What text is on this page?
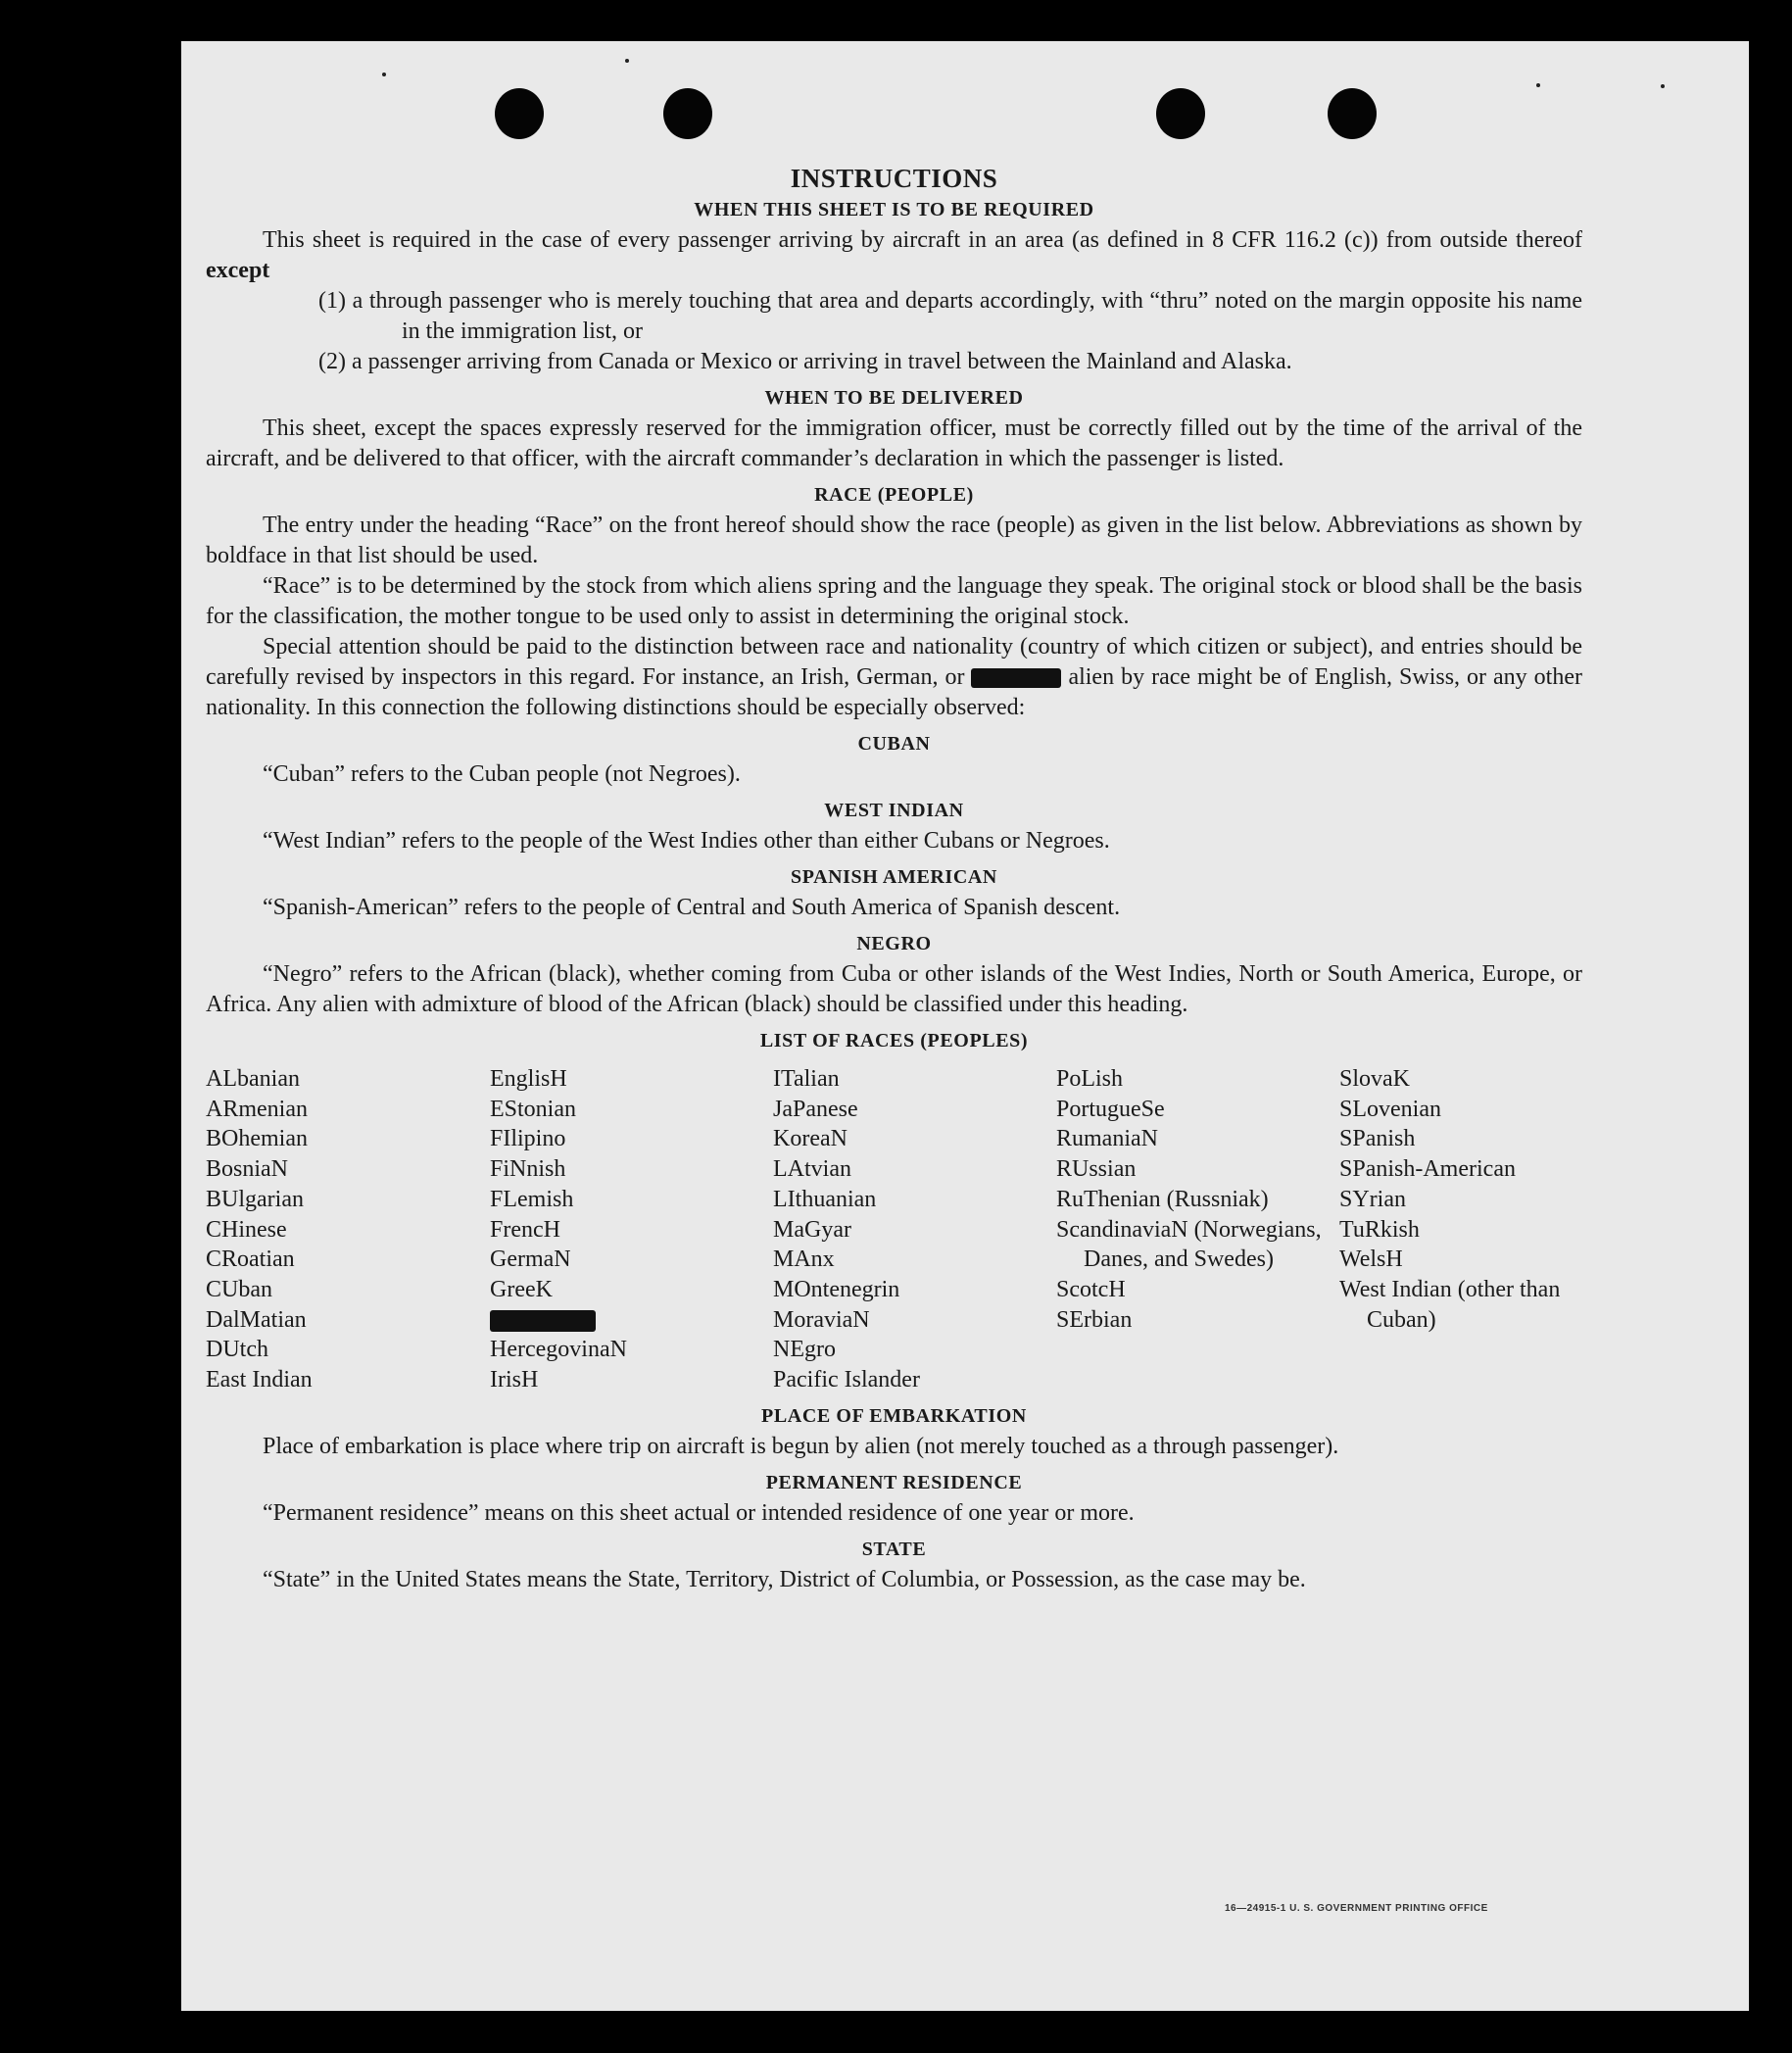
INSTRUCTIONS
WHEN THIS SHEET IS TO BE REQUIRED

This sheet is required in the case of every passenger arriving by aircraft in an area (as defined in 8 CFR 116.2 (c)) from outside thereof except

(1) a through passenger who is merely touching that area and departs accordingly, with “thru” noted on the margin opposite his name in the immigration list, or

(2) a passenger arriving from Canada or Mexico or arriving in travel between the Mainland and Alaska.

WHEN TO BE DELIVERED

This sheet, except the spaces expressly reserved for the immigration officer, must be correctly filled out by the time of the arrival of the aircraft, and be delivered to that officer, with the aircraft commander’s declaration in which the passenger is listed.

RACE (PEOPLE)

The entry under the heading “Race” on the front hereof should show the race (people) as given in the list below. Abbreviations as shown by boldface in that list should be used.

“Race” is to be determined by the stock from which aliens spring and the language they speak. The original stock or blood shall be the basis for the classification, the mother tongue to be used only to assist in determining the original stock.

Special attention should be paid to the distinction between race and nationality (country of which citizen or subject), and entries should be carefully revised by inspectors in this regard. For instance, an Irish, German, or	alien by race might be of English, Swiss, or any other nationality. In this connection the following distinctions should be especially observed:

CUBAN

“Cuban” refers to the Cuban people (not Negroes).

WEST INDIAN

“West Indian” refers to the people of the West Indies other than either Cubans or Negroes.

SPANISH AMERICAN

“Spanish-American” refers to the people of Central and South America of Spanish descent.

NEGRO

“Negro” refers to the African (black), whether coming from Cuba or other islands of the West Indies, North or South America, Europe, or Africa. Any alien with admixture of blood of the African (black) should be classified under this heading.

LIST OF RACES (PEOPLES)
ALbanian
ARmenian
BOhemian
BosniaN
BUlgarian
CHinese
CRoatian
CUban
DalMatian
DUtch
East Indian
EnglisH
EStonian
FIlipino
FiNnish
FLemish
FrencH
GermaN
GreeK
HercegovinaN
IrisH
ITalian
JaPanese
KoreaN
LAtvian
LIthuanian
MaGyar
MAnx
MOntenegrin
MoraviaN
NEgro
Pacific Islander
PoLish
PortugueSe
RumaniaN
RUssian
RuThenian (Russniak)
ScandinaviaN (Norwegians, Danes, and Swedes)
ScotcH
SErbian
SlovaK
SLovenian
SPanish
SPanish-American
SYrian
TuRkish
WelsH
West Indian (other than Cuban)
PLACE OF EMBARKATION

Place of embarkation is place where trip on aircraft is begun by alien (not merely touched as a through passenger).

PERMANENT RESIDENCE

“Permanent residence” means on this sheet actual or intended residence of one year or more.

STATE

“State” in the United States means the State, Territory, District of Columbia, or Possession, as the case may be.

16—24915-1 U. S. GOVERNMENT PRINTING OFFICE
